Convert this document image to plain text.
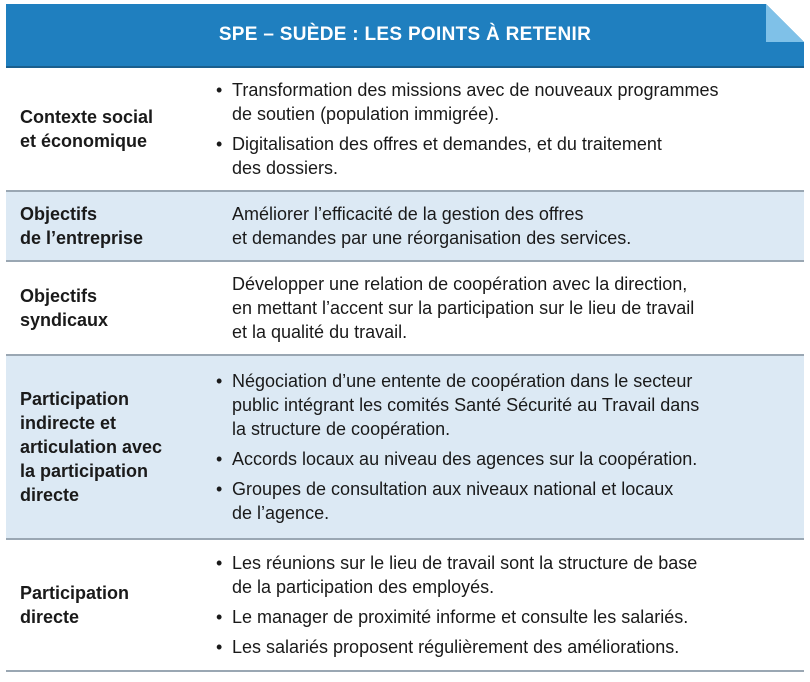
SPE – SUÈDE : LES POINTS À RETENIR
Contexte social
et économique
• Transformation des missions avec de nouveaux programmes
de soutien (population immigrée).
• Digitalisation des offres et demandes, et du traitement
des dossiers.
Objectifs
de l’entreprise
Améliorer l’efficacité de la gestion des offres
et demandes par une réorganisation des services.
Objectifs
syndicaux
Développer une relation de coopération avec la direction,
en mettant l’accent sur la participation sur le lieu de travail
et la qualité du travail.
Participation
indirecte et
articulation avec
la participation
directe
• Négociation d’une entente de coopération dans le secteur
public intégrant les comités Santé Sécurité au Travail dans
la structure de coopération.
• Accords locaux au niveau des agences sur la coopération.
• Groupes de consultation aux niveaux national et locaux
de l’agence.
Participation
directe
• Les réunions sur le lieu de travail sont la structure de base
de la participation des employés.
• Le manager de proximité informe et consulte les salariés.
• Les salariés proposent régulièrement des améliorations.
